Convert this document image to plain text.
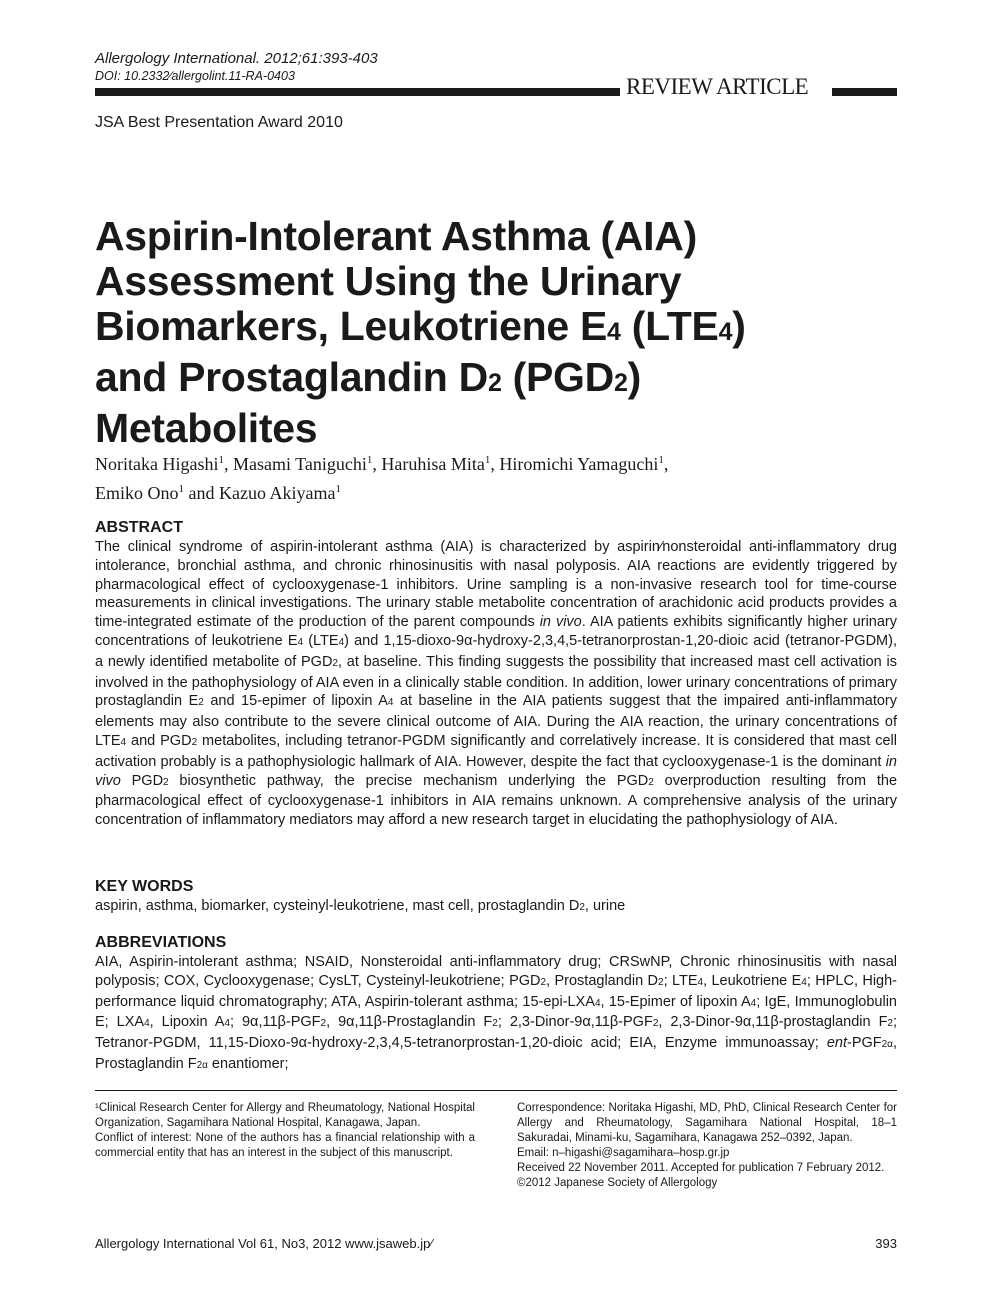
Allergology International. 2012;61:393-403
DOI: 10.2332∕allergolint.11-RA-0403	REVIEW ARTICLE
JSA Best Presentation Award 2010
Aspirin-Intolerant Asthma (AIA)
Assessment Using the Urinary
Biomarkers, Leukotriene E4 (LTE4)
and Prostaglandin D2 (PGD2)
Metabolites
Noritaka Higashi$^1$, Masami Taniguchi$^1$, Haruhisa Mita$^1$, Hiromichi Yamaguchi$^1$,
Emiko Ono$^1$ and Kazuo Akiyama$^1$
ABSTRACT
The clinical syndrome of aspirin-intolerant asthma (AIA) is characterized by aspirin∕nonsteroidal anti-inflammatory drug intolerance, bronchial asthma, and chronic rhinosinusitis with nasal polyposis. AIA reactions are evidently triggered by pharmacological effect of cyclooxygenase-1 inhibitors. Urine sampling is a non-invasive research tool for time-course measurements in clinical investigations. The urinary stable metabolite concentration of arachidonic acid products provides a time-integrated estimate of the production of the parent compounds in vivo. AIA patients exhibits significantly higher urinary concentrations of leukotriene E4 (LTE4) and 1,15-dioxo-9α-hydroxy-2,3,4,5-tetranorprostan-1,20-dioic acid (tetranor-PGDM), a newly identified metabolite of PGD2, at baseline. This finding suggests the possibility that increased mast cell activation is involved in the pathophysiology of AIA even in a clinically stable condition. In addition, lower urinary concentrations of primary prostaglandin E2 and 15-epimer of lipoxin A4 at baseline in the AIA patients suggest that the impaired anti-inflammatory elements may also contribute to the severe clinical outcome of AIA. During the AIA reaction, the urinary concentrations of LTE4 and PGD2 metabolites, including tetranor-PGDM significantly and correlatively increase. It is considered that mast cell activation probably is a pathophysiologic hallmark of AIA. However, despite the fact that cyclooxygenase-1 is the dominant in vivo PGD2 biosynthetic pathway, the precise mechanism underlying the PGD2 overproduction resulting from the pharmacological effect of cyclooxygenase-1 inhibitors in AIA remains unknown. A comprehensive analysis of the urinary concentration of inflammatory mediators may afford a new research target in elucidating the pathophysiology of AIA.
KEY WORDS
aspirin, asthma, biomarker, cysteinyl-leukotriene, mast cell, prostaglandin D2, urine
ABBREVIATIONS
AIA, Aspirin-intolerant asthma; NSAID, Nonsteroidal anti-inflammatory drug; CRSwNP, Chronic rhinosinusitis with nasal polyposis; COX, Cyclooxygenase; CysLT, Cysteinyl-leukotriene; PGD2, Prostaglandin D2; LTE4, Leukotriene E4; HPLC, High-performance liquid chromatography; ATA, Aspirin-tolerant asthma; 15-epi-LXA4, 15-Epimer of lipoxin A4; IgE, Immunoglobulin E; LXA4, Lipoxin A4; 9α,11β-PGF2, 9α,11β-Prostaglandin F2; 2,3-Dinor-9α,11β-PGF2, 2,3-Dinor-9α,11β-prostaglandin F2; Tetranor-PGDM, 11,15-Dioxo-9α-hydroxy-2,3,4,5-tetranorprostan-1,20-dioic acid; EIA, Enzyme immunoassay; ent-PGF2α, Prostaglandin F2α enantiomer;

¹Clinical Research Center for Allergy and Rheumatology, National Hospital Organization, Sagamihara National Hospital, Kanagawa, Japan.

Conflict of interest: None of the authors has a financial relationship with a commercial entity that has an interest in the subject of this manuscript.

Correspondence: Noritaka Higashi, MD, PhD, Clinical Research Center for Allergy and Rheumatology, Sagamihara National Hospital, 18–1 Sakuradai, Minami-ku, Sagamihara, Kanagawa 252–0392, Japan.

Email: n–higashi@sagamihara–hosp.gr.jp

Received 22 November 2011. Accepted for publication 7 February 2012.

©2012 Japanese Society of Allergology

Allergology International Vol 61, No3, 2012 www.jsaweb.jp∕	393
